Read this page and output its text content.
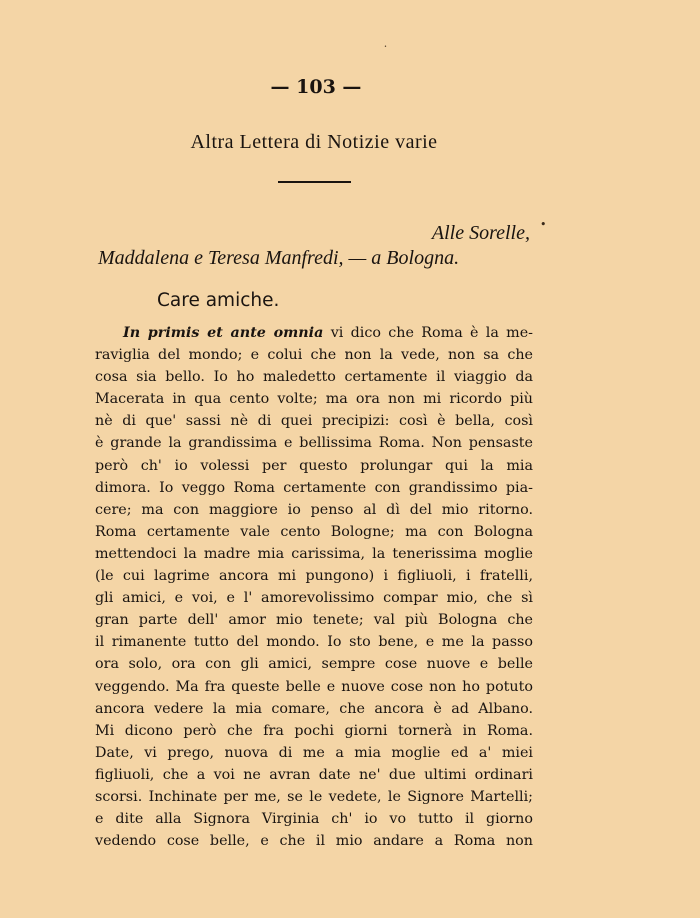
— 103 —
Altra Lettera di Notizie varie
Alle Sorelle,
Maddalena e Teresa Manfredi, — a Bologna.
Care amiche.
In primis et ante omnia vi dico che Roma è la me-
raviglia del mondo; e colui che non la vede, non sa che
cosa sia bello. Io ho maledetto certamente il viaggio da
Macerata in qua cento volte; ma ora non mi ricordo più
nè di que' sassi nè di quei precipizi: così è bella, così
è grande la grandissima e bellissima Roma. Non pensaste
però ch' io volessi per questo prolungar qui la mia
dimora. Io veggo Roma certamente con grandissimo pia-
cere; ma con maggiore io penso al dì del mio ritorno.
Roma certamente vale cento Bologne; ma con Bologna
mettendoci la madre mia carissima, la tenerissima moglie
(le cui lagrime ancora mi pungono) i figliuoli, i fratelli,
gli amici, e voi, e l' amorevolissimo compar mio, che sì
gran parte dell' amor mio tenete; val più Bologna che
il rimanente tutto del mondo. Io sto bene, e me la passo
ora solo, ora con gli amici, sempre cose nuove e belle
veggendo. Ma fra queste belle e nuove cose non ho potuto
ancora vedere la mia comare, che ancora è ad Albano.
Mi dicono però che fra pochi giorni tornerà in Roma.
Date, vi prego, nuova di me a mia moglie ed a' miei
figliuoli, che a voi ne avran date ne' due ultimi ordinari
scorsi. Inchinate per me, se le vedete, le Signore Martelli;
e dite alla Signora Virginia ch' io vo tutto il giorno
vedendo cose belle, e che il mio andare a Roma non
•
•
